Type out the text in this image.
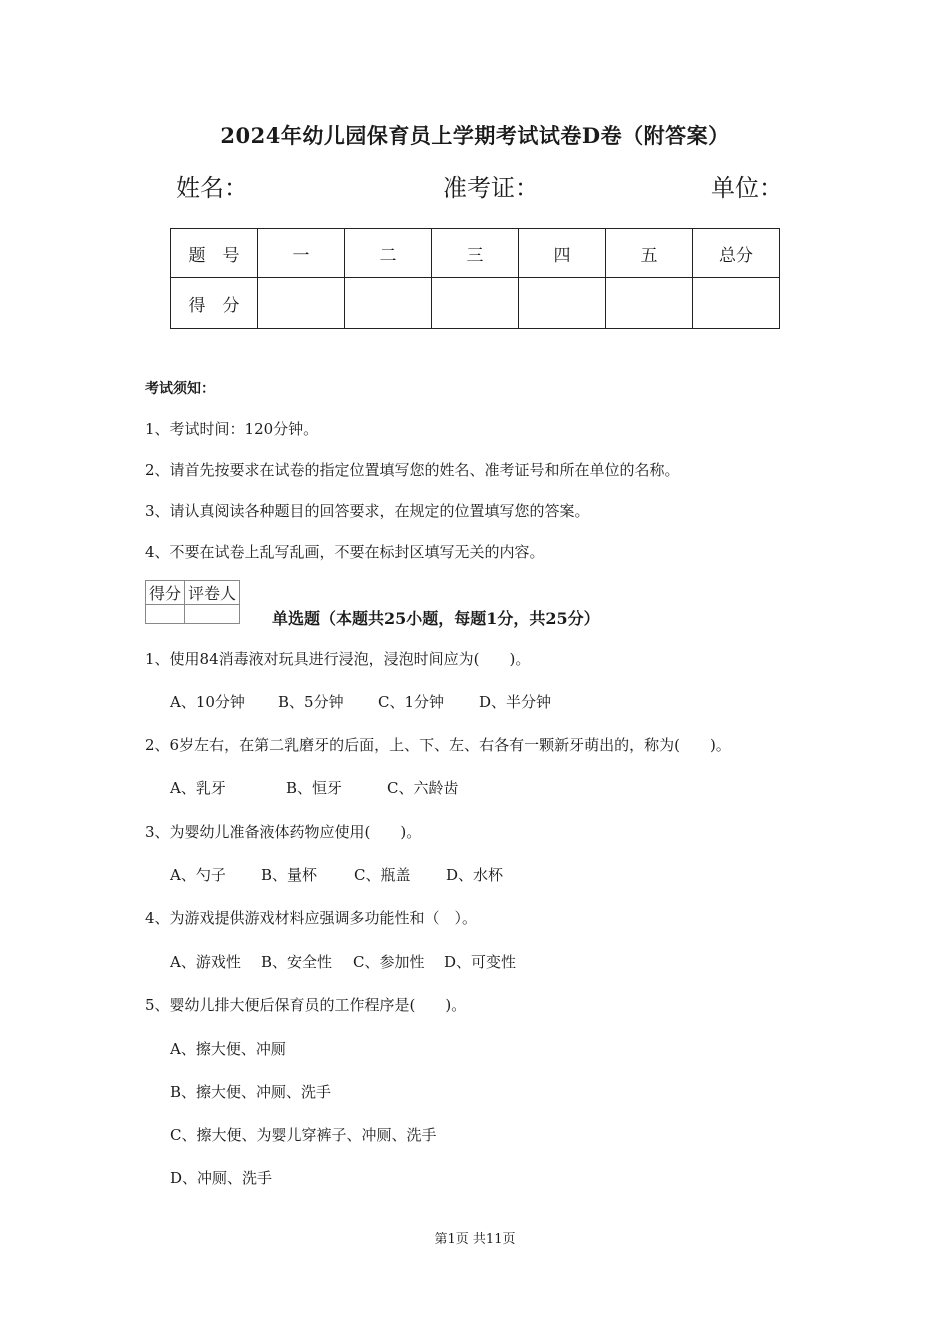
2024年幼儿园保育员上学期考试试卷D卷（附答案）
姓名：	准考证：	单位：
题　号	一	二	三	四	五	总分
得　分						
考试须知：
1、考试时间：120分钟。
2、请首先按要求在试卷的指定位置填写您的姓名、准考证号和所在单位的名称。
3、请认真阅读各种题目的回答要求，在规定的位置填写您的答案。
4、不要在试卷上乱写乱画，不要在标封区填写无关的内容。
得分	评卷人

单选题（本题共25小题，每题1分，共25分）
1、使用84消毒液对玩具进行浸泡，浸泡时间应为(　　)。
A、10分钟 B、5分钟 C、1分钟 D、半分钟
2、6岁左右，在第二乳磨牙的后面，上、下、左、右各有一颗新牙萌出的，称为(　　)。
A、乳牙	B、恒牙	C、六龄齿
3、为婴幼儿准备液体药物应使用(　　)。
A、勺子 B、量杯 C、瓶盖 D、水杯
4、为游戏提供游戏材料应强调多功能性和（　）。
A、游戏性 B、安全性 C、参加性 D、可变性
5、婴幼儿排大便后保育员的工作程序是(　　)。
A、擦大便、冲厕
B、擦大便、冲厕、洗手
C、擦大便、为婴儿穿裤子、冲厕、洗手
D、冲厕、洗手
第1页 共11页
